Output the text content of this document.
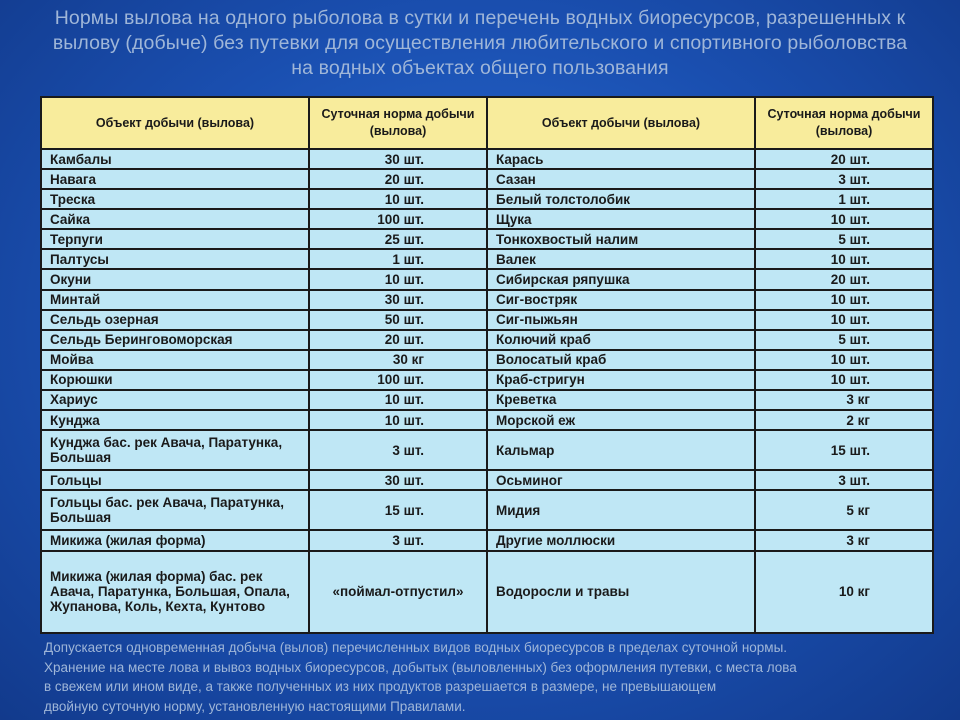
Нормы вылова на одного рыболова в сутки и перечень водных биоресурсов, разрешенных к
вылову (добыче) без путевки для осуществления любительского и спортивного рыболовства
на водных объектах общего пользования
Объект добычи (вылова)	Суточная норма добычи (вылова)	Объект добычи (вылова)	Суточная норма добычи (вылова)
Камбалы	30 шт.	Карась	20 шт.
Навага	20 шт.	Сазан	3 шт.
Треска	10 шт.	Белый толстолобик	1 шт.
Сайка	100 шт.	Щука	10 шт.
Терпуги	25 шт.	Тонкохвостый налим	5 шт.
Палтусы	1 шт.	Валек	10 шт.
Окуни	10 шт.	Сибирская ряпушка	20 шт.
Минтай	30 шт.	Сиг-востряк	10 шт.
Сельдь озерная	50 шт.	Сиг-пыжьян	10 шт.
Сельдь Беринговоморская	20 шт.	Колючий краб	5 шт.
Мойва	30 кг	Волосатый краб	10 шт.
Корюшки	100 шт.	Краб-стригун	10 шт.
Хариус	10 шт.	Креветка	3 кг
Кунджа	10 шт.	Морской еж	2 кг
Кунджа бас. рек Авача, Паратунка, Большая	3 шт.	Кальмар	15 шт.
Гольцы	30 шт.	Осьминог	3 шт.
Гольцы бас. рек Авача, Паратунка, Большая	15 шт.	Мидия	5 кг
Микижа (жилая форма)	3 шт.	Другие моллюски	3 кг
Микижа (жилая форма) бас. рек Авача, Паратунка, Большая, Опала, Жупанова, Коль, Кехта, Кунтово	«поймал-отпустил»	Водоросли и травы	10 кг
Допускается одновременная добыча (вылов) перечисленных видов водных биоресурсов в пределах суточной нормы.
Хранение на месте лова и вывоз водных биоресурсов, добытых (выловленных) без оформления путевки, с места лова
в свежем или ином виде, а также полученных из них продуктов разрешается в размере, не превышающем
двойную суточную норму, установленную настоящими Правилами.
